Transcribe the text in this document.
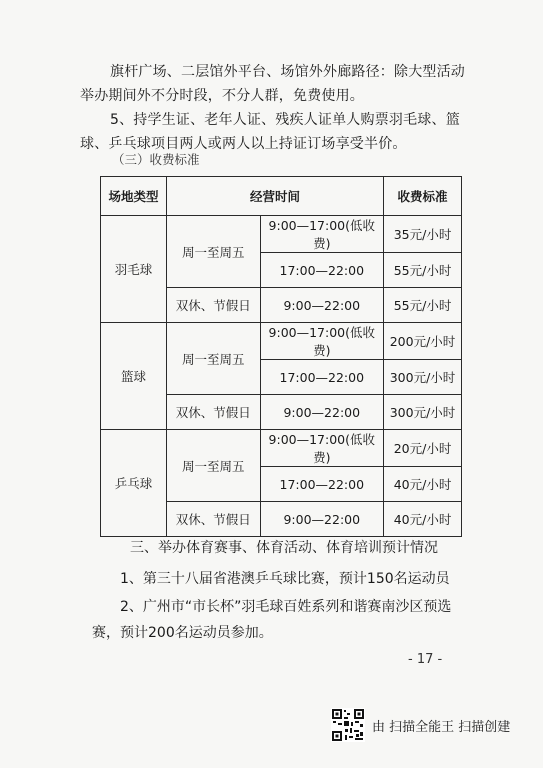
旗杆广场、二层馆外平台、场馆外外廊路径：除大型活动举办期间外不分时段，不分人群，免费使用。
5、持学生证、老年人证、残疾人证单人购票羽毛球、篮球、乒乓球项目两人或两人以上持证订场享受半价。
（三）收费标准
场地类型	经营时间		收费标准
羽毛球	周一至周五	9:00—17:00(低收费)	35元/小时
		17:00—22:00	55元/小时
	双休、节假日	9:00—22:00	55元/小时
篮球	周一至周五	9:00—17:00(低收费)	200元/小时
		17:00—22:00	300元/小时
	双休、节假日	9:00—22:00	300元/小时
乒乓球	周一至周五	9:00—17:00(低收费)	20元/小时
		17:00—22:00	40元/小时
	双休、节假日	9:00—22:00	40元/小时
三、举办体育赛事、体育活动、体育培训预计情况
1、第三十八届省港澳乒乓球比赛，预计150名运动员
2、广州市“市长杯”羽毛球百姓系列和谐赛南沙区预选赛，预计200名运动员参加。
- 17 -
由 扫描全能王 扫描创建
